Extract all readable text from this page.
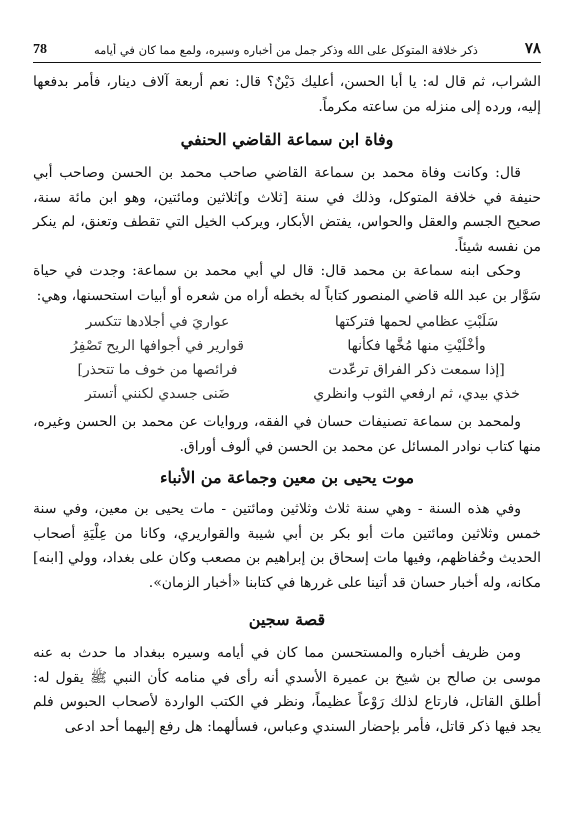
٧٨
ذكر خلافة المتوكل على الله وذكر جمل من أخباره وسيره، ولمع مما كان في أيامه
78

الشراب، ثم قال له: يا أبا الحسن، أعليك دَيْنٌ؟ قال: نعم أربعة آلاف دينار، فأمر بدفعها إليه، ورده إلى منزله من ساعته مكرماً.

وفاة ابن سماعة القاضي الحنفي

قال: وكانت وفاة محمد بن سماعة القاضي صاحب محمد بن الحسن وصاحب أبي حنيفة في خلافة المتوكل، وذلك في سنة [ثلاث و]ثلاثين ومائتين، وهو ابن مائة سنة، صحيح الجسم والعقل والحواس، يفتض الأبكار، ويركب الخيل التي تقطف وتعنق، لم ينكر من نفسه شيئاً.

وحكى ابنه سماعة بن محمد قال: قال لي أبي محمد بن سماعة: وجدت في حياة سَوَّار بن عبد الله قاضي المنصور كتاباً له بخطه أراه من شعره أو أبيات استحسنها، وهي:

سَلَبْتِ عظامي لحمها فتركتها
عواريَ في أجلادها تتكسر
وأخْلَيْتِ منها مُخَّها فكأنها
قوارير في أجوافها الريح تَصْفِرُ
[إذا سمعت ذكر الفراق ترعّدت
فرائصها من خوف ما تتحذر]
خذي بيدي، ثم ارفعي الثوب وانظري
ضَنى جسدي لكنني أتستر

ولمحمد بن سماعة تصنيفات حسان في الفقه، وروايات عن محمد بن الحسن وغيره، منها كتاب نوادر المسائل عن محمد بن الحسن في ألوف أوراق.

موت يحيى بن معين وجماعة من الأنباء

وفي هذه السنة - وهي سنة ثلاث وثلاثين ومائتين - مات يحيى بن معين، وفي سنة خمس وثلاثين ومائتين مات أبو بكر بن أبي شيبة والقواريري، وكانا من عِلْيَةِ أصحاب الحديث وحُفاظهم، وفيها مات إسحاق بن إبراهيم بن مصعب وكان على بغداد، وولي [ابنه] مكانه، وله أخبار حسان قد أتينا على غررها في كتابنا «أخبار الزمان».

قصة سجين

ومن ظريف أخباره والمستحسن مما كان في أيامه وسيره ببغداد ما حدث به عنه موسى بن صالح بن شيخ بن عميرة الأسدي أنه رأى في منامه كأن النبي ﷺ يقول له: أطلق القاتل، فارتاع لذلك رَوْعاً عظيماً، ونظر في الكتب الواردة لأصحاب الحبوس فلم يجد فيها ذكر قاتل، فأمر بإحضار السندي وعباس، فسألهما: هل رفع إليهما أحد ادعى
